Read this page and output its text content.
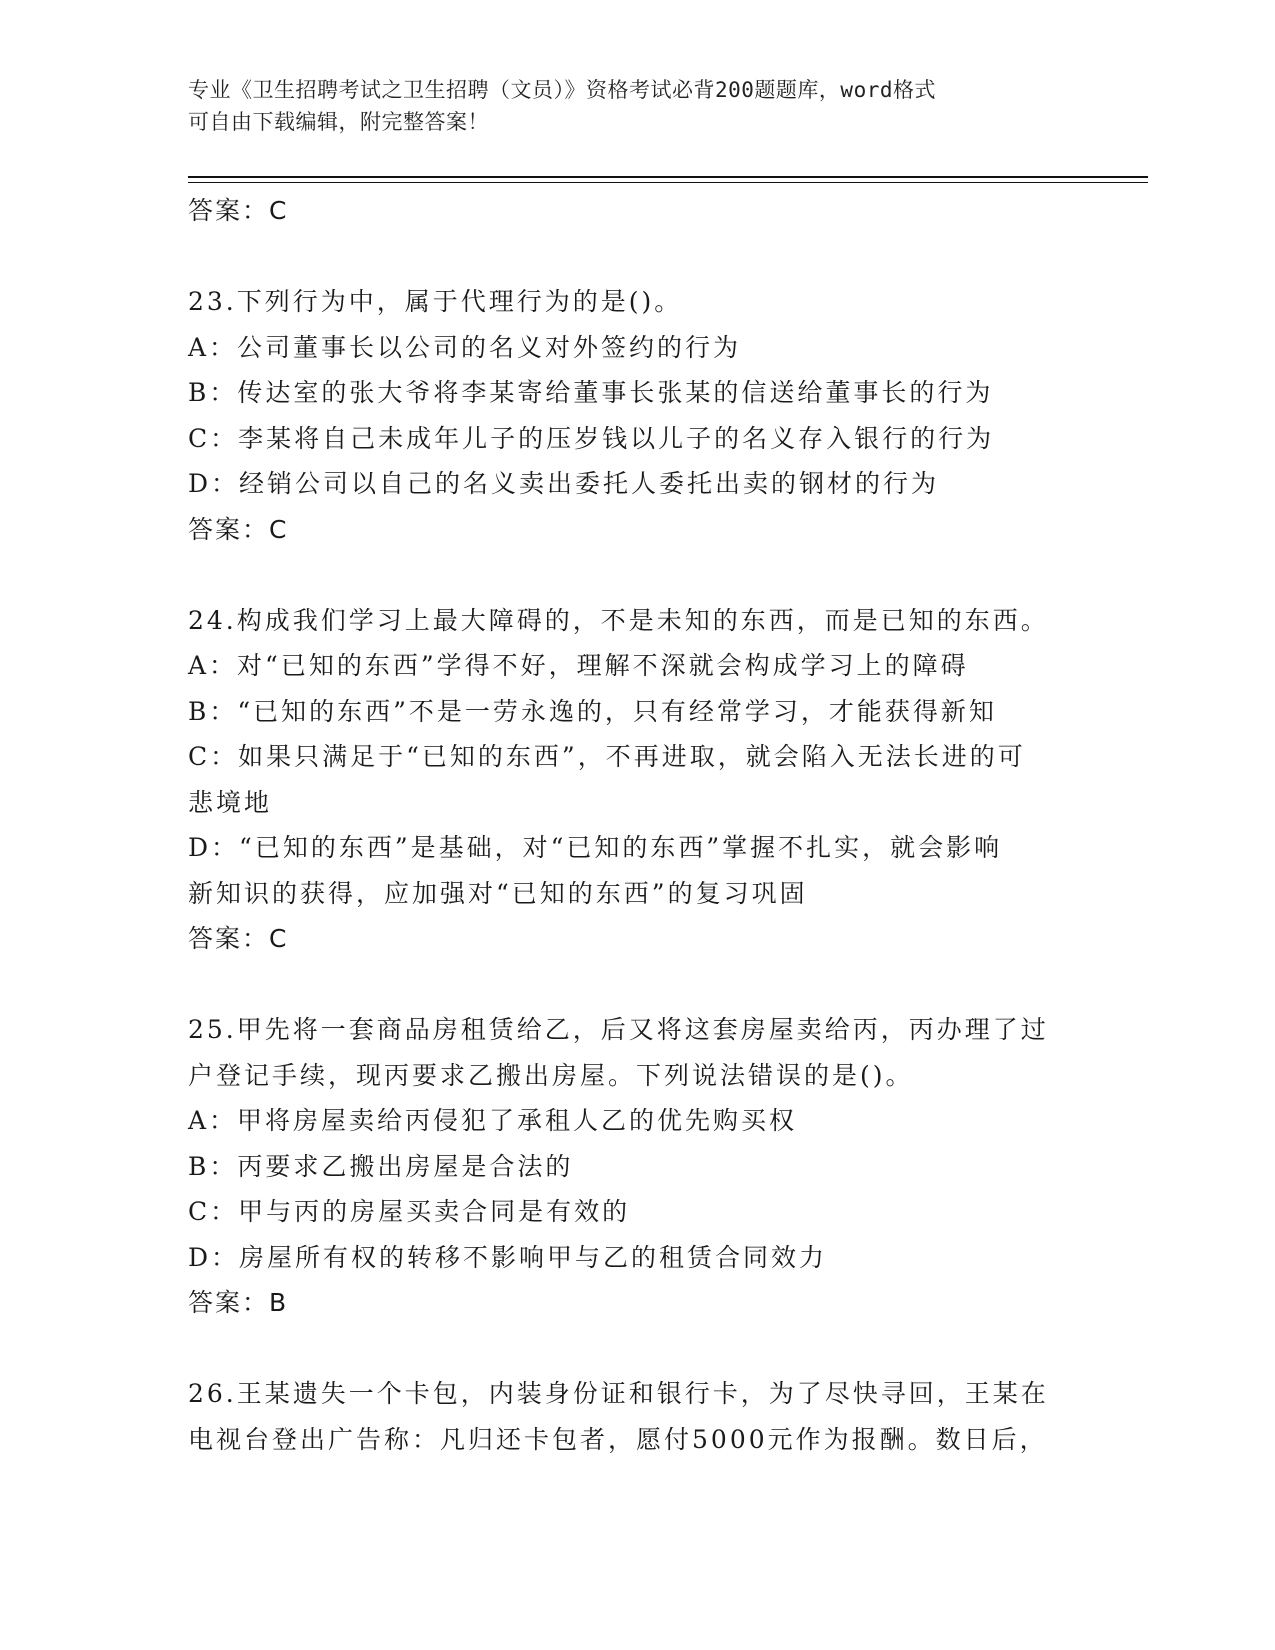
专业《卫生招聘考试之卫生招聘（文员）》资格考试必背200题题库，word格式
可自由下载编辑，附完整答案！
答案：C
23.下列行为中，属于代理行为的是()。
A：公司董事长以公司的名义对外签约的行为
B：传达室的张大爷将李某寄给董事长张某的信送给董事长的行为
C：李某将自己未成年儿子的压岁钱以儿子的名义存入银行的行为
D：经销公司以自己的名义卖出委托人委托出卖的钢材的行为
答案：C
24.构成我们学习上最大障碍的，不是未知的东西，而是已知的东西。
A：对“已知的东西”学得不好，理解不深就会构成学习上的障碍
B：“已知的东西”不是一劳永逸的，只有经常学习，才能获得新知
C：如果只满足于“已知的东西”，不再进取，就会陷入无法长进的可
悲境地
D：“已知的东西”是基础，对“已知的东西”掌握不扎实，就会影响
新知识的获得，应加强对“已知的东西”的复习巩固
答案：C
25.甲先将一套商品房租赁给乙，后又将这套房屋卖给丙，丙办理了过
户登记手续，现丙要求乙搬出房屋。下列说法错误的是()。
A：甲将房屋卖给丙侵犯了承租人乙的优先购买权
B：丙要求乙搬出房屋是合法的
C：甲与丙的房屋买卖合同是有效的
D：房屋所有权的转移不影响甲与乙的租赁合同效力
答案：B
26.王某遗失一个卡包，内装身份证和银行卡，为了尽快寻回，王某在
电视台登出广告称：凡归还卡包者，愿付5000元作为报酬。数日后，
